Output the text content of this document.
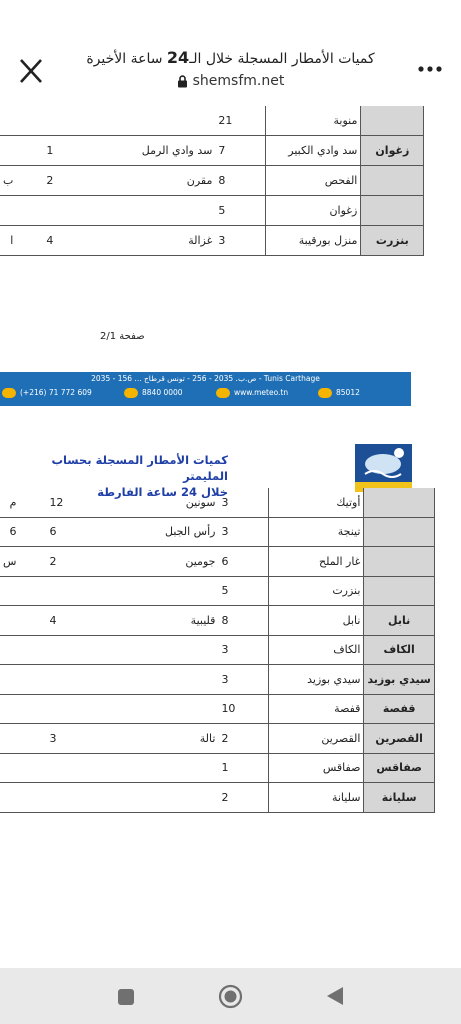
كميات الأمطار المسجلة خلال الـ24 ساعة الأخيرة
shemsfm.net
			21	منوبة	
	1	سد وادي الرمل	7	سد وادي الكبير	زغوان
ب	2	مقرن	8	الفحص	
			5	زغوان	
ا	4	غزالة	3	منزل بورقيبة	بنزرت
صفحة 2/1
ص.ب. 2035 - 256 - تونس قرطاج ... 156 - 2035 - Tunis Carthage
(+216) 71 772 609	8840 0000	www.meteo.tn	85012
كميات الأمطار المسجلة بحساب المليمتر
خلال 24 ساعة الفارطة
م	12	سونين	3	أوتيك	
6	6	رأس الجبل	3	تينجة	
س	2	جومين	6	غار الملح	
			5	بنزرت	
	4	قليبية	8	نابل	نابل
			3	الكاف	الكاف
			3	سيدي بوزيد	سيدي بوزيد
			10	قفصة	قفصة
	3	تالة	2	القصرين	القصرين
			1	صفاقس	صفاقس
			2	سليانة	سليانة
